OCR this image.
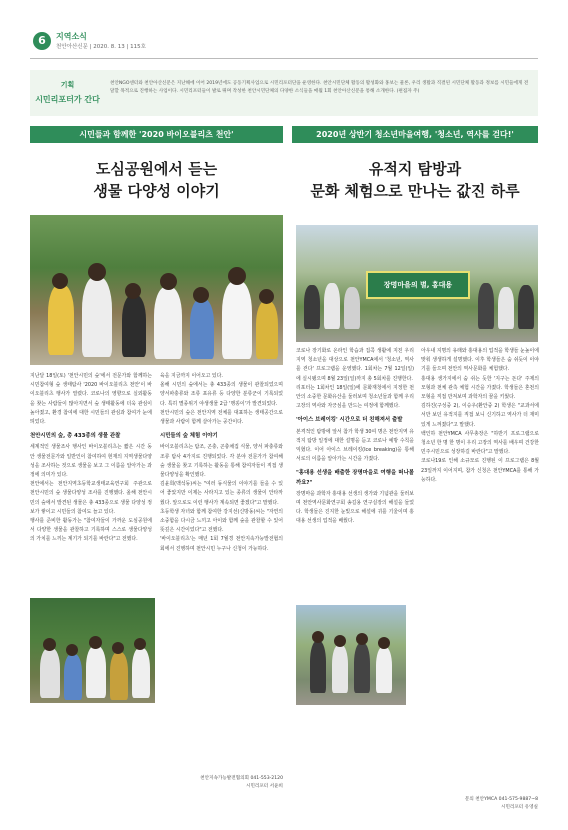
6	지역소식
천안아산신문 | 2020. 8. 13 | 115호
기획
시민리포터가 간다
천안NGO센터와 천안아산신문은 지난해에 이어 2019년에도 공동기획사업으로 시민리포터단을 운영한다. 천안시민단체 활동의 활성화와 홍보는 물론, 우리 생활과 직결된 시민단체 활동과 정보를 시민들에게 전달할 목적으로 진행하는 사업이다. 시민리포터들이 발로 뛰며 작성한 천안시민단체의 다양한 소식들을 매월 1회 천안아산신문을 통해 소개한다. (편집자 주)
시민들과 함께한 '2020 바이오블리츠 천안'
도심공원에서 듣는
생물 다양성 이야기

지난달 18일(토) '천안시민의 숲'에서 전문가와 함께하는 시민참여형 숲 생태탐사 '2020 바이오블리츠 천안'이 바이오블리츠 행사가 열렸다. 코로나의 영향으로 실외활동을 찾는 사람들이 많아지면서 숲 생태활동에 더욱 관심이 높아졌고, 환경 참여에 대한 시민들의 관심과 참여가 눈에 띄었다.

천안시민의 숲, 총 433종의 생물 관찰

세계적인 생물조사 행사인 바이오블리츠는 짧은 시간 동안 생물전문가와 일반인이 참여하여 현재의 지역생물다양성을 조사하는 것으로 생물을 보고 그 이름을 알아가는 과정에 의미가 있다.

천안에서는 천안지역초등학교생태교육연구회 주관으로 천안시민의 숲 생물다양성 조사를 진행했다. 올해 천안시민의 숲에서 발견된 생물은 총 433종으로 생물 다양성 정보가 쌓이고 시민들의 참여도 늘고 있다.

행사를 준비한 활동가는 "참여자들이 가까운 도심공원에서 다양한 생물을 관찰하고 기록하며 스스로 생물다양성의 가치를 느끼는 계기가 되기를 바란다"고 전했다.

육을 지금까지 이어오고 있다.

올해 시민의 숲에서는 총 433종의 생물이 관찰되었으며 양서파충류와 조류 포유류 등 다양한 분류군이 기록되었다. 특히 멸종위기 야생생물 2급 '맹꽁이'가 발견되었다.

천안시민의 숲은 천안지역 전체를 대표하는 생태공간으로 생물과 사람이 함께 살아가는 공간이다.

시민들의 숲 체험 이야기

바이오블리츠는 탐조, 곤충, 곤충채집 식물, 양서 파충류와 조류 탐사 4가지로 진행되었다. 각 분야 전문가가 참여해 숲 생물을 찾고 기록하는 활동을 통해 참여자들이 직접 생물다양성을 확인했다.

김윤희(맥석동)씨는 "여러 동식물의 이야기를 들을 수 있어 좋았지만 이제는 사라지고 있는 종류의 생물이 안타까웠다. 앞으로도 이런 행사가 계속되면 좋겠다"고 말했다.

초등학생 자녀와 함께 참여한 강지선(신방동)씨는 "자연의 소중함을 다시금 느끼고 아이와 함께 숲을 관찰할 수 있어 뜻깊은 시간이었다"고 전했다.

'바이오블리츠'는 매년 1회 7월경 천안지속가능발전협의회에서 진행하며 천안시민 누구나 신청이 가능하다.

천안지속가능발전협의회 041-553-2120
시민리포터 서윤희
2020년 상반기 청소년마을여행, '청소년, 역사를 걷다!'
유적지 탐방과
문화 체험으로 만나는 값진 하루
장명마을의 별, 홍대용

코로나 장기화로 온라인 학습과 집콕 생활에 지친 우리 지역 청소년을 대상으로 천안YMCA에서 '청소년, 역사를 걷다' 프로그램을 운영했다. 1회차는 7월 12일(일)에 실시됐으며 8월 23일(일)까지 총 5회차를 진행한다.

리포터는 1회차인 18일(일)에 문화재청에서 지정한 천안의 소중한 문화유산을 둘러보며 청소년들과 함께 우리 고장의 역사와 자긍심을 만드는 여정에 함께했다.

'아이스 브레이킹' 시간으로 더 친해져서 출발

본격적인 탐방에 앞서 참가 학생 30여 명은 천안지역 유적지 탐방 일정에 대한 설명을 듣고 코로나 예방 수칙을 익혔다. 이어 아이스 브레이킹(Ice breaking)을 통해 서로의 이름을 알아가는 시간을 가졌다.

"홍대용 선생을 배출한 장명마을로 여행을 떠나볼까요?"

장명마을 과학자 홍대용 선생의 생가와 기념관을 둘러보며 천안역사문화연구회 송길용 연구실장의 해설을 들었다. 학생들은 진지한 눈빛으로 해설에 귀를 기울이며 홍대용 선생의 업적을 배웠다.

아우내 지명의 유래와 홍대용의 업적을 학생들 눈높이에 맞춰 생생하게 설명했다. 이후 학생들은 숨 쉬듯이 이야기를 들으며 천안의 역사문화를 체험했다.

홍대용 생가지에서 숨 쉬는 듯한 '지구는 돈다' 주제의 모형과 천체 관측 체험 시간을 가졌다. 학생들은 혼천의 모형을 직접 만져보며 과학자의 꿈을 키웠다.

김하진(구성중 2), 이승우(환안중 2) 학생은 "교과서에서만 보던 유적지를 직접 보니 신기하고 역사가 더 재미있게 느껴졌다"고 말했다.

백인하 천안YMCA 사무총장은 "하반기 프로그램으로 청소년 한 명 한 명이 우리 고장의 역사를 배우며 건강한 민주시민으로 성장하길 바란다"고 말했다.

코로나19로 인해 소규모로 진행된 이 프로그램은 8월 23일까지 이어지며, 참가 신청은 천안YMCA를 통해 가능하다.

문의 천안YMCA 041-575-9887~8
시민리포터 유영실
